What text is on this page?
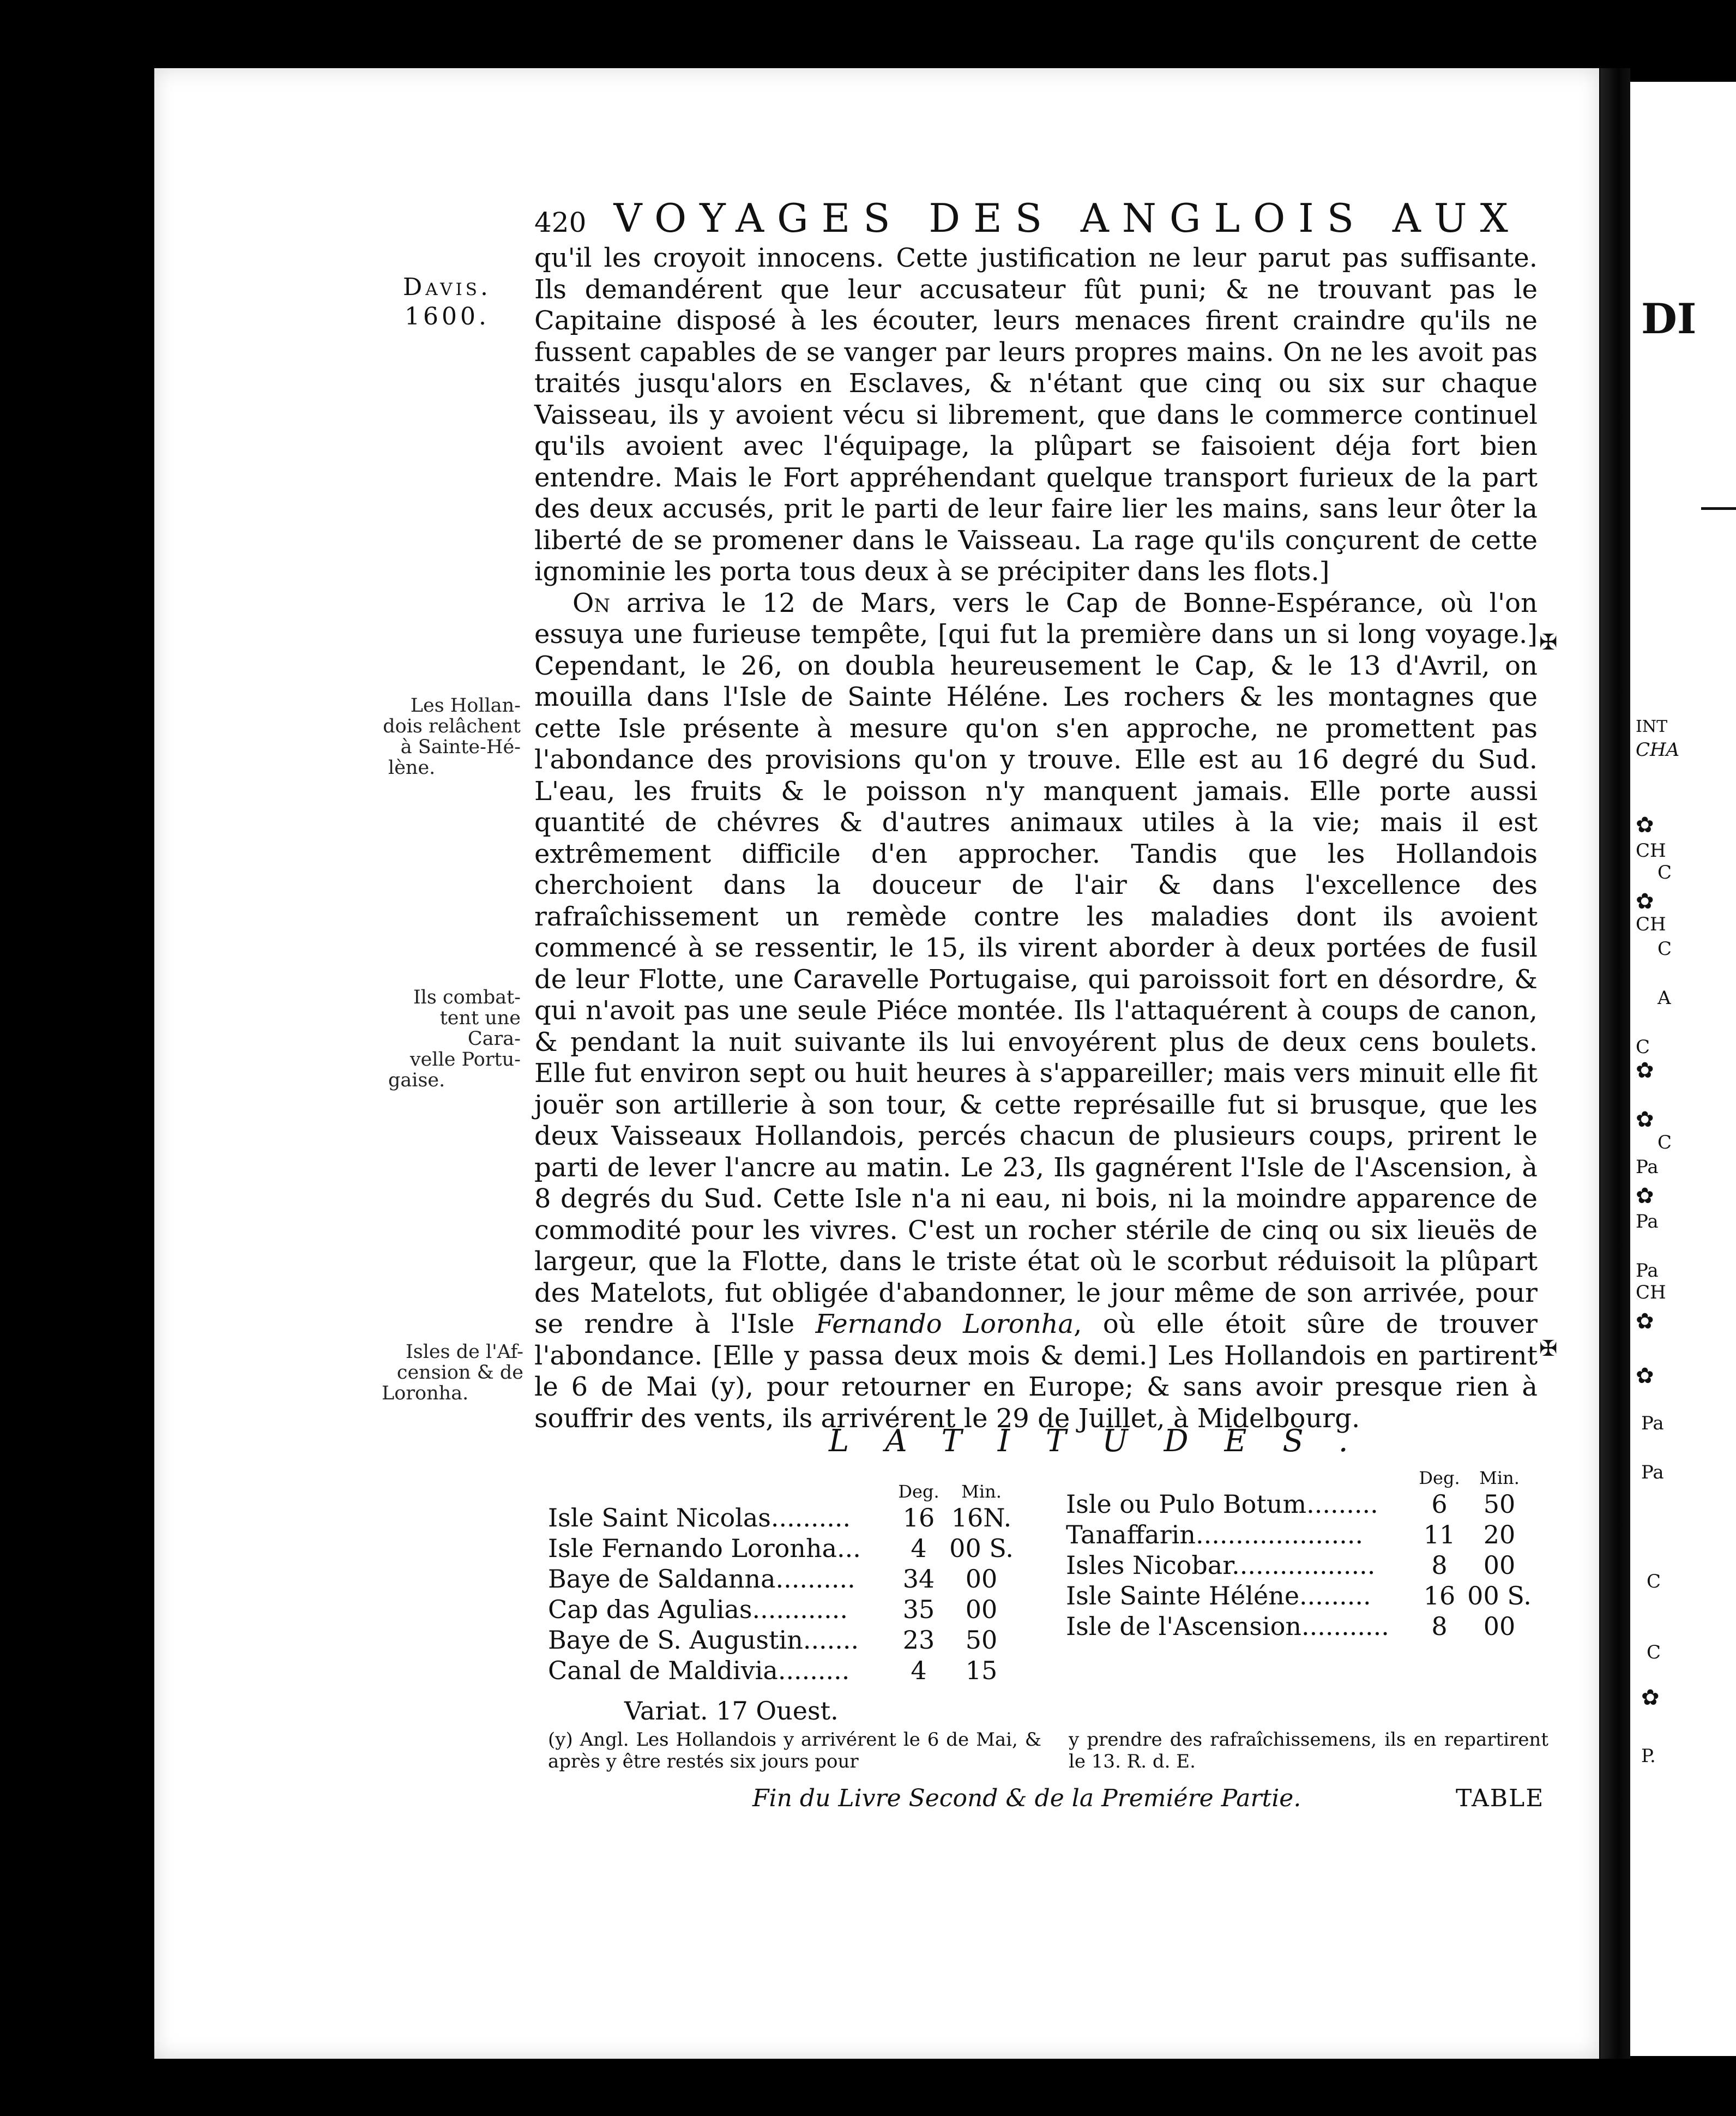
DI
INT
CHA
✿
CH
C
✿
CH
C
A
C
✿
✿
C
Pa
✿
Pa
Pa
CH
✿
✿
Pa
Pa
C
C
✿
P.
420 VOYAGES DES ANGLOIS AUX
Davis.
1600.
Les Hollan-
dois relâchent
à Sainte-Hé-
lène.
Ils combat-
tent une Cara-
velle Portu-
gaise.
Isles de l'Af-
cension & de
Loronha.

qu'il les croyoit innocens. Cette justification ne leur parut pas suffisante. Ils demandérent que leur accusateur fût puni; & ne trouvant pas le Capitaine disposé à les écouter, leurs menaces firent craindre qu'ils ne fussent capables de se vanger par leurs propres mains. On ne les avoit pas traités jusqu'alors en Esclaves, & n'étant que cinq ou six sur chaque Vaisseau, ils y avoient vécu si librement, que dans le commerce continuel qu'ils avoient avec l'équipage, la plûpart se faisoient déja fort bien entendre. Mais le Fort appréhendant quelque transport furieux de la part des deux accusés, prit le parti de leur faire lier les mains, sans leur ôter la liberté de se promener dans le Vaisseau. La rage qu'ils conçurent de cette ignominie les porta tous deux à se précipiter dans les flots.]

On arriva le 12 de Mars, vers le Cap de Bonne-Espérance, où l'on essuya une furieuse tempête, [qui fut la première dans un si long voyage.] Cependant, le 26, on doubla heureusement le Cap, & le 13 d'Avril, on mouilla dans l'Isle de Sainte Héléne. Les rochers & les montagnes que cette Isle présente à mesure qu'on s'en approche, ne promettent pas l'abondance des provisions qu'on y trouve. Elle est au 16 degré du Sud. L'eau, les fruits & le poisson n'y manquent jamais. Elle porte aussi quantité de chévres & d'autres animaux utiles à la vie; mais il est extrêmement difficile d'en approcher. Tandis que les Hollandois cherchoient dans la douceur de l'air & dans l'excellence des rafraîchissement un remède contre les maladies dont ils avoient commencé à se ressentir, le 15, ils virent aborder à deux portées de fusil de leur Flotte, une Caravelle Portugaise, qui paroissoit fort en désordre, & qui n'avoit pas une seule Piéce montée. Ils l'attaquérent à coups de canon, & pendant la nuit suivante ils lui envoyérent plus de deux cens boulets. Elle fut environ sept ou huit heures à s'appareiller; mais vers minuit elle fit jouër son artillerie à son tour, & cette représaille fut si brusque, que les deux Vaisseaux Hollandois, percés chacun de plusieurs coups, prirent le parti de lever l'ancre au matin. Le 23, Ils gagnérent l'Isle de l'Ascension, à 8 degrés du Sud. Cette Isle n'a ni eau, ni bois, ni la moindre apparence de commodité pour les vivres. C'est un rocher stérile de cinq ou six lieuës de largeur, que la Flotte, dans le triste état où le scorbut réduisoit la plûpart des Matelots, fut obligée d'abandonner, le jour même de son arrivée, pour se rendre à l'Isle Fernando Loronha, où elle étoit sûre de trouver l'abondance. [Elle y passa deux mois & demi.] Les Hollandois en partirent le 6 de Mai (y), pour retourner en Europe; & sans avoir presque rien à souffrir des vents, ils arrivérent le 29 de Juillet, à Midelbourg.

✠
✠
LATITUDES.
	Deg.	Min.
Isle Saint Nicolas..........	16	16N.
Isle Fernando Loronha...	4	00 S.
Baye de Saldanna..........	34	00
Cap das Agulias............	35	00
Baye de S. Augustin.......	23	50
Canal de Maldivia.........	4	15
	Deg.	Min.
Isle ou Pulo Botum.........	6	50
Tanaffarin.....................	11	20
Isles Nicobar..................	8	00
Isle Sainte Héléne.........	16	00 S.
Isle de l'Ascension...........	8	00
Variat. 17 Ouest.
(y) Angl. Les Hollandois y arrivérent le 6 de Mai, & après y être restés six jours pour
y prendre des rafraîchissemens, ils en repartirent le 13. R. d. E.
Fin du Livre Second & de la Premiére Partie.	TABLE
